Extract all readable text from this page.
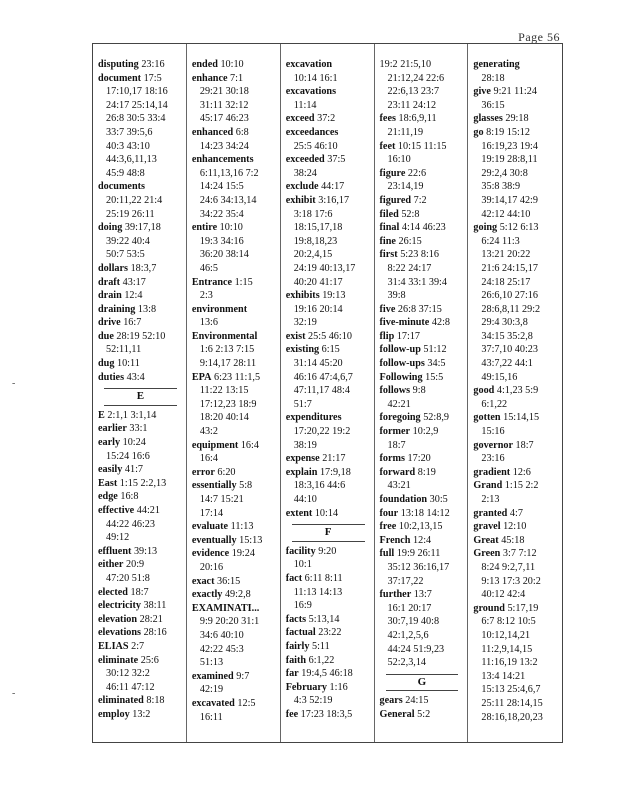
Page 56
disputing 23:16
document 17:5
17:10,17 18:16
24:17 25:14,14
26:8 30:5 33:4
33:7 39:5,6
40:3 43:10
44:3,6,11,13
45:9 48:8
documents
20:11,22 21:4
25:19 26:11
doing 39:17,18
39:22 40:4
50:7 53:5
dollars 18:3,7
draft 43:17
drain 12:4
draining 13:8
drive 16:7
due 28:19 52:10
52:11,11
dug 10:11
duties 43:4
E
E 2:1,1 3:1,14
earlier 33:1
early 10:24
15:24 16:6
easily 41:7
East 1:15 2:2,13
edge 16:8
effective 44:21
44:22 46:23
49:12
effluent 39:13
either 20:9
47:20 51:8
elected 18:7
electricity 38:11
elevation 28:21
elevations 28:16
ELIAS 2:7
eliminate 25:6
30:12 32:2
46:11 47:12
eliminated 8:18
employ 13:2
ended 10:10
enhance 7:1
29:21 30:18
31:11 32:12
45:17 46:23
enhanced 6:8
14:23 34:24
enhancements
6:11,13,16 7:2
14:24 15:5
24:6 34:13,14
34:22 35:4
entire 10:10
19:3 34:16
36:20 38:14
46:5
Entrance 1:15
2:3
environment
13:6
Environmental
1:6 2:13 7:15
9:14,17 28:11
EPA 6:23 11:1,5
11:22 13:15
17:12,23 18:9
18:20 40:14
43:2
equipment 16:4
16:4
error 6:20
essentially 5:8
14:7 15:21
17:14
evaluate 11:13
eventually 15:13
evidence 19:24
20:16
exact 36:15
exactly 49:2,8
EXAMINATI...
9:9 20:20 31:1
34:6 40:10
42:22 45:3
51:13
examined 9:7
42:19
excavated 12:5
16:11
excavation
10:14 16:1
excavations
11:14
exceed 37:2
exceedances
25:5 46:10
exceeded 37:5
38:24
exclude 44:17
exhibit 3:16,17
3:18 17:6
18:15,17,18
19:8,18,23
20:2,4,15
24:19 40:13,17
40:20 41:17
exhibits 19:13
19:16 20:14
32:19
exist 25:5 46:10
existing 6:15
31:14 45:20
46:16 47:4,6,7
47:11,17 48:4
51:7
expenditures
17:20,22 19:2
38:19
expense 21:17
explain 17:9,18
18:3,16 44:6
44:10
extent 10:14
F
facility 9:20
10:1
fact 6:11 8:11
11:13 14:13
16:9
facts 5:13,14
factual 23:22
fairly 5:11
faith 6:1,22
far 19:4,5 46:18
February 1:16
4:3 52:19
fee 17:23 18:3,5
19:2 21:5,10
21:12,24 22:6
22:6,13 23:7
23:11 24:12
fees 18:6,9,11
21:11,19
feet 10:15 11:15
16:10
figure 22:6
23:14,19
figured 7:2
filed 52:8
final 4:14 46:23
fine 26:15
first 5:23 8:16
8:22 24:17
31:4 33:1 39:4
39:8
five 26:8 37:15
five-minute 42:8
flip 17:17
follow-up 51:12
follow-ups 34:5
Following 15:5
follows 9:8
42:21
foregoing 52:8,9
former 10:2,9
18:7
forms 17:20
forward 8:19
43:21
foundation 30:5
four 13:18 14:12
free 10:2,13,15
French 12:4
full 19:9 26:11
35:12 36:16,17
37:17,22
further 13:7
16:1 20:17
30:7,19 40:8
42:1,2,5,6
44:24 51:9,23
52:2,3,14
G
gears 24:15
General 5:2
generating
28:18
give 9:21 11:24
36:15
glasses 29:18
go 8:19 15:12
16:19,23 19:4
19:19 28:8,11
29:2,4 30:8
35:8 38:9
39:14,17 42:9
42:12 44:10
going 5:12 6:13
6:24 11:3
13:21 20:22
21:6 24:15,17
24:18 25:17
26:6,10 27:16
28:6,8,11 29:2
29:4 30:3,8
34:15 35:2,8
37:7,10 40:23
43:7,22 44:1
49:15,16
good 4:1,23 5:9
6:1,22
gotten 15:14,15
15:16
governor 18:7
23:16
gradient 12:6
Grand 1:15 2:2
2:13
granted 4:7
gravel 12:10
Great 45:18
Green 3:7 7:12
8:24 9:2,7,11
9:13 17:3 20:2
40:12 42:4
ground 5:17,19
6:7 8:12 10:5
10:12,14,21
11:2,9,14,15
11:16,19 13:2
13:4 14:21
15:13 25:4,6,7
25:11 28:14,15
28:16,18,20,23
-
-
